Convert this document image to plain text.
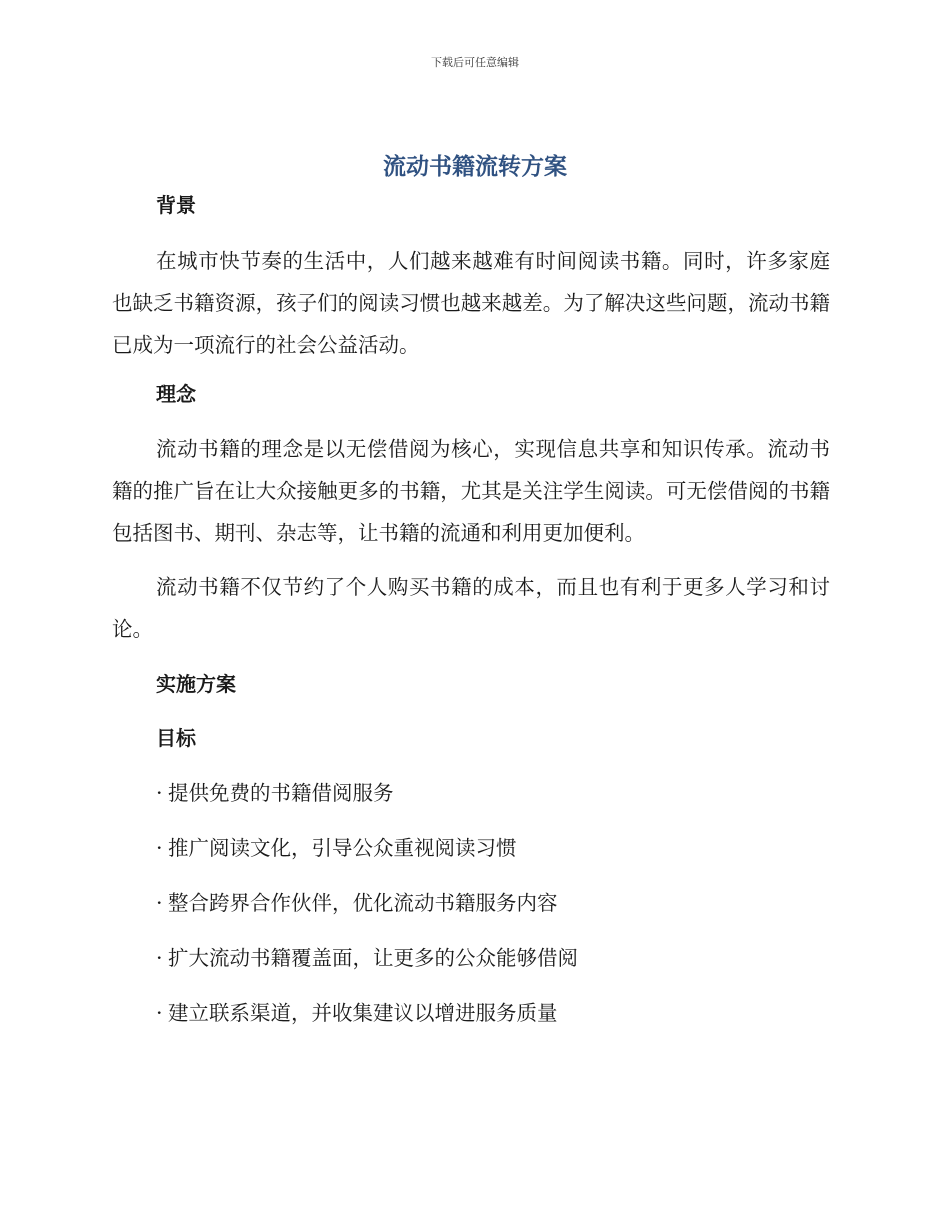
下载后可任意编辑
流动书籍流转方案
背景
在城市快节奏的生活中，人们越来越难有时间阅读书籍。同时，许多家庭也缺乏书籍资源，孩子们的阅读习惯也越来越差。为了解决这些问题，流动书籍已成为一项流行的社会公益活动。
理念
流动书籍的理念是以无偿借阅为核心，实现信息共享和知识传承。流动书籍的推广旨在让大众接触更多的书籍，尤其是关注学生阅读。可无偿借阅的书籍包括图书、期刊、杂志等，让书籍的流通和利用更加便利。
流动书籍不仅节约了个人购买书籍的成本，而且也有利于更多人学习和讨论。
实施方案
目标
· 提供免费的书籍借阅服务
· 推广阅读文化，引导公众重视阅读习惯
· 整合跨界合作伙伴，优化流动书籍服务内容
· 扩大流动书籍覆盖面，让更多的公众能够借阅
· 建立联系渠道，并收集建议以增进服务质量
